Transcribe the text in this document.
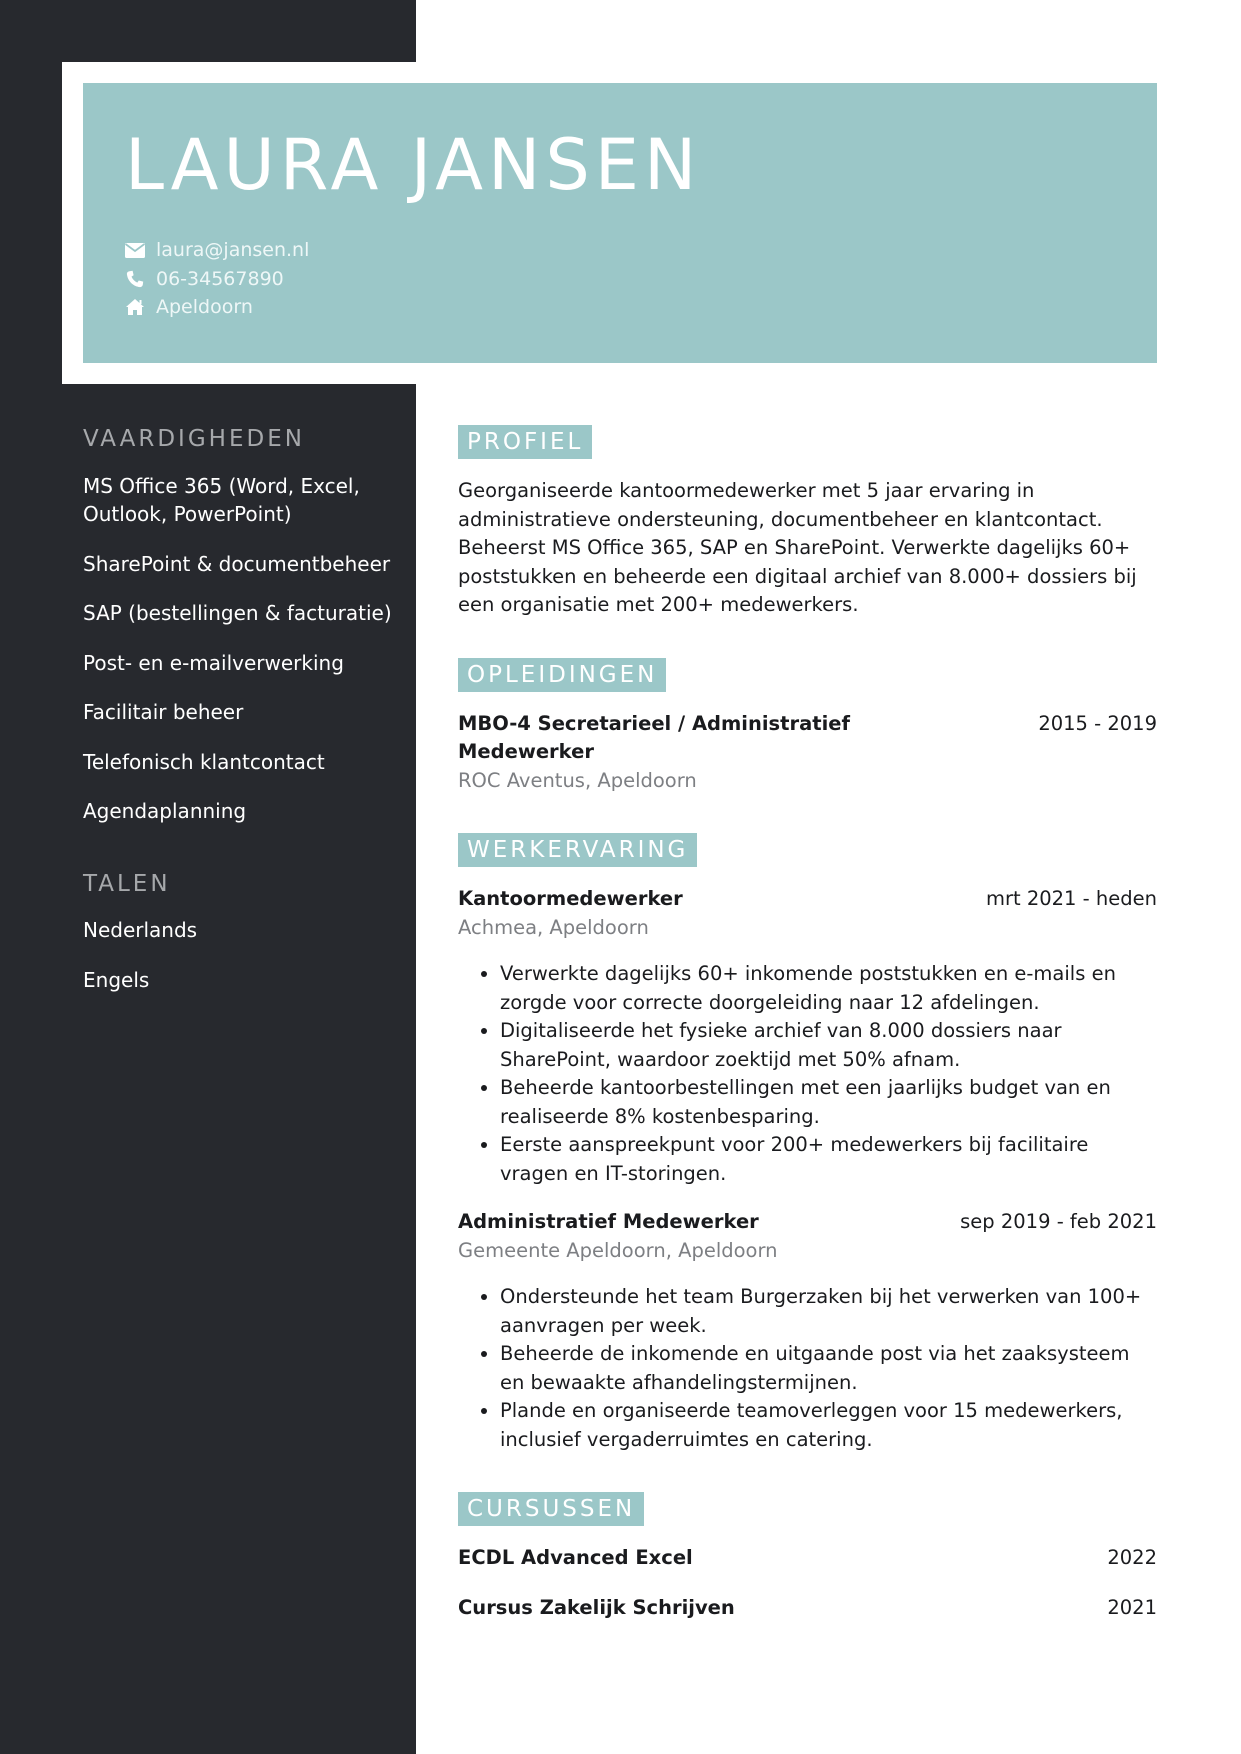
LAURA JANSEN
laura@jansen.nl
06-34567890
Apeldoorn
VAARDIGHEDEN
MS Office 365 (Word, Excel, Outlook, PowerPoint)
SharePoint & documentbeheer
SAP (bestellingen & facturatie)
Post- en e-mailverwerking
Facilitair beheer
Telefonisch klantcontact
Agendaplanning
TALEN
Nederlands
Engels
PROFIEL

Georganiseerde kantoormedewerker met 5 jaar ervaring in administratieve ondersteuning, documentbeheer en klantcontact. Beheerst MS Office 365, SAP en SharePoint. Verwerkte dagelijks 60+ poststukken en beheerde een digitaal archief van 8.000+ dossiers bij een organisatie met 200+ medewerkers.

OPLEIDINGEN
MBO-4 Secretarieel / Administratief Medewerker
2015 - 2019
ROC Aventus, Apeldoorn
WERKERVARING
Kantoormedewerker	mrt 2021 - heden
Achmea, Apeldoorn
• Verwerkte dagelijks 60+ inkomende poststukken en e-mails en zorgde voor correcte doorgeleiding naar 12 afdelingen.
• Digitaliseerde het fysieke archief van 8.000 dossiers naar SharePoint, waardoor zoektijd met 50% afnam.
• Beheerde kantoorbestellingen met een jaarlijks budget van en realiseerde 8% kostenbesparing.
• Eerste aanspreekpunt voor 200+ medewerkers bij facilitaire vragen en IT-storingen.
Administratief Medewerker	sep 2019 - feb 2021
Gemeente Apeldoorn, Apeldoorn
• Ondersteunde het team Burgerzaken bij het verwerken van 100+ aanvragen per week.
• Beheerde de inkomende en uitgaande post via het zaaksysteem en bewaakte afhandelingstermijnen.
• Plande en organiseerde teamoverleggen voor 15 medewerkers, inclusief vergaderruimtes en catering.
CURSUSSEN
ECDL Advanced Excel	2022
Cursus Zakelijk Schrijven	2021
